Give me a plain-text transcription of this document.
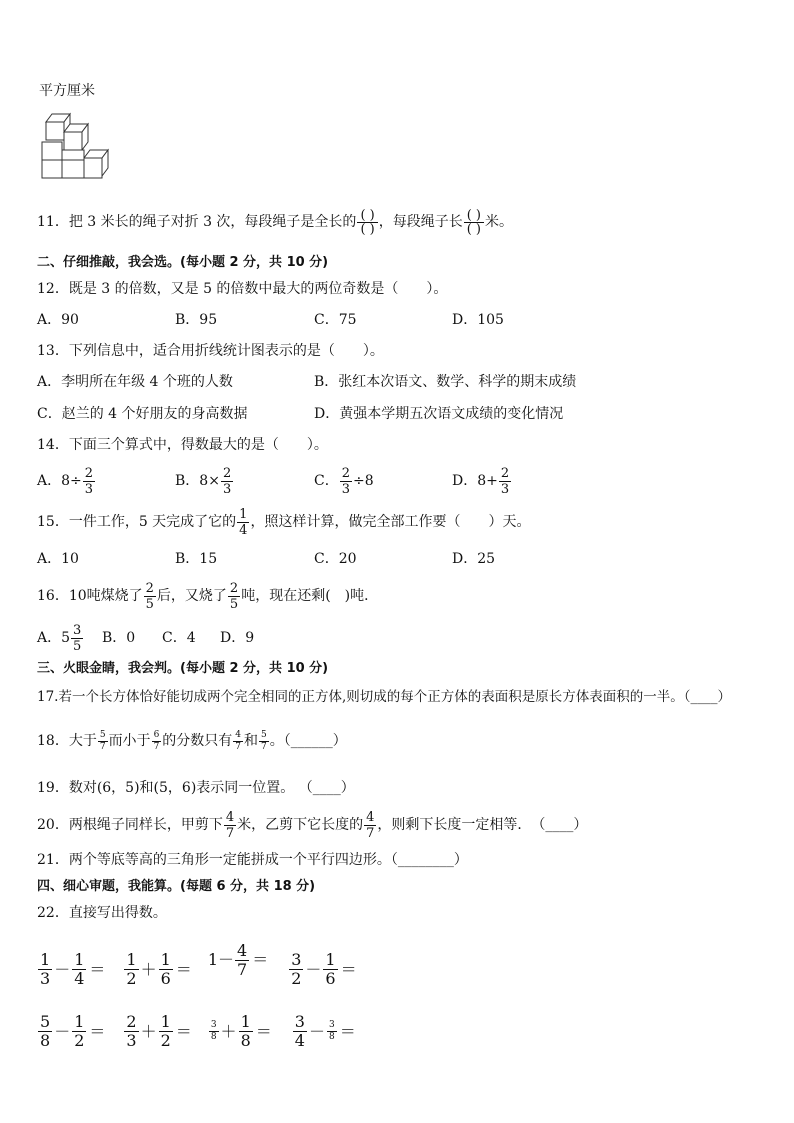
平方厘米
11．把 3 米长的绳子对折 3 次，每段绳子是全长的 $\frac{( )}{( )}$ ，每段绳子长 $\frac{( )}{( )}$ 米。
二、仔细推敲，我会选。(每小题 2 分，共 10 分)
12．既是 3 的倍数，又是 5 的倍数中最大的两位奇数是（　　）。
A．90	B．95	C．75	D．105
13．下列信息中，适合用折线统计图表示的是（　　）。
A．李明所在年级 4 个班的人数	B．张红本次语文、数学、科学的期末成绩
C．赵兰的 4 个好朋友的身高数据	D．黄强本学期五次语文成绩的变化情况
14．下面三个算式中，得数最大的是（　　）。
A．$8\div \frac{2}{3}$	B．$8\times \frac{2}{3}$	C． $\frac{2}{3} \div 8$	D．$8+ \frac{2}{3}$
15．一件工作，5 天完成了它的 $\frac{1}{4}$ ，照这样计算，做完全部工作要（　　）天。
A．10	B．15	C．20	D．25
16．10吨煤烧了 $\frac{2}{5}$ 后，又烧了 $\frac{2}{5}$ 吨，现在还剩(　)吨．
A．$5 \frac{3}{5}$ B．0 C．4 D．9
三、火眼金睛，我会判。(每小题 2 分，共 10 分)
17.若一个长方体恰好能切成两个完全相同的正方体,则切成的每个正方体的表面积是原长方体表面积的一半。（____）
18．大于 $\frac{5}{7}$ 而小于 $\frac{6}{7}$ 的分数只有 $\frac{4}{7}$ 和 $\frac{5}{7}$ 。（______）
19．数对(6，5)和(5，6)表示同一位置。 （____）
20．两根绳子同样长，甲剪下 $\frac{4}{7}$ 米，乙剪下它长度的 $\frac{4}{7}$ ，则剩下长度一定相等．　（____）
21．两个等底等高的三角形一定能拼成一个平行四边形。（________）
四、细心审题，我能算。(每题 6 分，共 18 分)
22．直接写出得数。
$\frac{1}{3} - \frac{1}{4} = \frac{1}{2} + \frac{1}{6} = 1- \frac{4}{7} = \frac{3}{2} - \frac{1}{6}$ ＝
$\frac{5}{8} - \frac{1}{2} = \frac{2}{3} + \frac{1}{2} = \frac{3}{8} + \frac{1}{8} = \frac{3}{4} - \frac{3}{8}$ ＝
